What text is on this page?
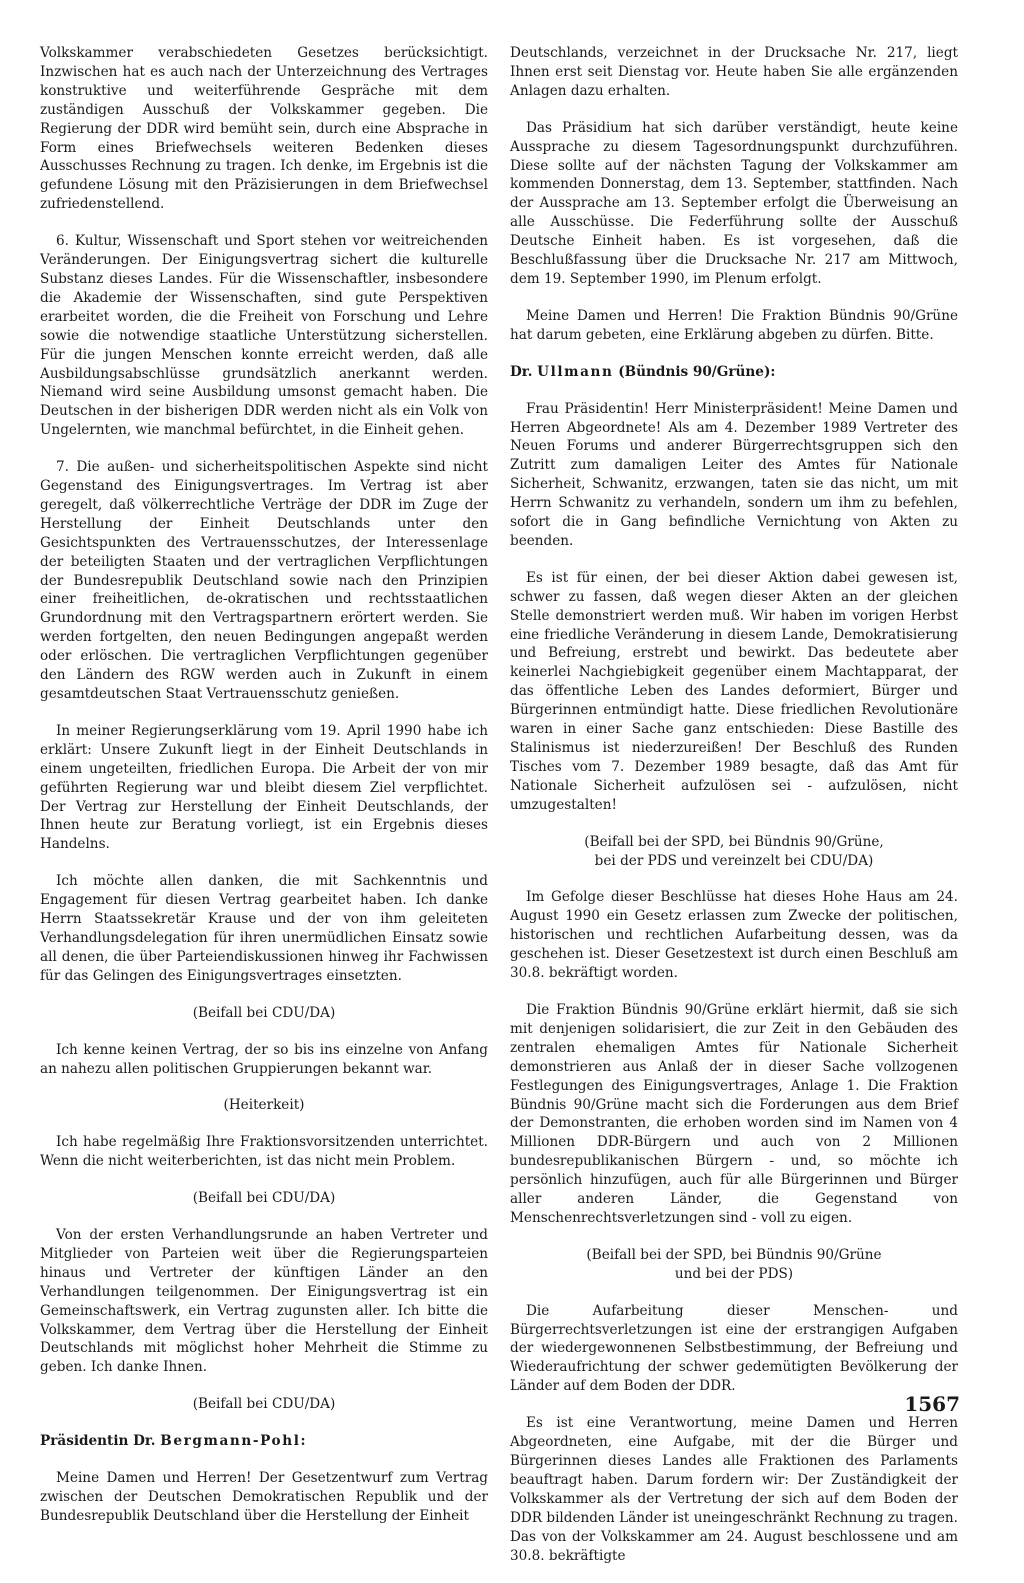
Volkskammer verabschiedeten Gesetzes berücksichtigt. Inzwischen hat es auch nach der Unterzeichnung des Vertrages konstruktive und weiterführende Gespräche mit dem zuständigen Ausschuß der Volkskammer gegeben. Die Regierung der DDR wird bemüht sein, durch eine Absprache in Form eines Briefwechsels weiteren Bedenken dieses Ausschusses Rechnung zu tragen. Ich denke, im Ergebnis ist die gefundene Lösung mit den Präzisierungen in dem Briefwechsel zufriedenstellend.

6. Kultur, Wissenschaft und Sport stehen vor weitreichenden Veränderungen. Der Einigungsvertrag sichert die kulturelle Substanz dieses Landes. Für die Wissenschaftler, insbesondere die Akademie der Wissenschaften, sind gute Perspektiven erarbeitet worden, die die Freiheit von Forschung und Lehre sowie die notwendige staatliche Unterstützung sicherstellen. Für die jungen Menschen konnte erreicht werden, daß alle Ausbildungsabschlüsse grundsätzlich anerkannt werden. Niemand wird seine Ausbildung umsonst gemacht haben. Die Deutschen in der bisherigen DDR werden nicht als ein Volk von Ungelernten, wie manchmal befürchtet, in die Einheit gehen.

7. Die außen- und sicherheitspolitischen Aspekte sind nicht Gegenstand des Einigungsvertrages. Im Vertrag ist aber geregelt, daß völkerrechtliche Verträge der DDR im Zuge der Herstellung der Einheit Deutschlands unter den Gesichtspunkten des Vertrauensschutzes, der Interessenlage der beteiligten Staaten und der vertraglichen Verpflichtungen der Bundesrepublik Deutschland sowie nach den Prinzipien einer freiheitlichen, de-okratischen und rechtsstaatlichen Grundordnung mit den Vertragspartnern erörtert werden. Sie werden fortgelten, den neuen Bedingungen angepaßt werden oder erlöschen. Die vertraglichen Verpflichtungen gegenüber den Ländern des RGW werden auch in Zukunft in einem gesamtdeutschen Staat Vertrauensschutz genießen.

In meiner Regierungserklärung vom 19. April 1990 habe ich erklärt: Unsere Zukunft liegt in der Einheit Deutschlands in einem ungeteilten, friedlichen Europa. Die Arbeit der von mir geführten Regierung war und bleibt diesem Ziel verpflichtet. Der Vertrag zur Herstellung der Einheit Deutschlands, der Ihnen heute zur Beratung vorliegt, ist ein Ergebnis dieses Handelns.

Ich möchte allen danken, die mit Sachkenntnis und Engagement für diesen Vertrag gearbeitet haben. Ich danke Herrn Staatssekretär Krause und der von ihm geleiteten Verhandlungsdelegation für ihren unermüdlichen Einsatz sowie all denen, die über Parteiendiskussionen hinweg ihr Fachwissen für das Gelingen des Einigungsvertrages einsetzten.

(Beifall bei CDU/DA)

Ich kenne keinen Vertrag, der so bis ins einzelne von Anfang an nahezu allen politischen Gruppierungen bekannt war.

(Heiterkeit)

Ich habe regelmäßig Ihre Fraktionsvorsitzenden unterrichtet. Wenn die nicht weiterberichten, ist das nicht mein Problem.

(Beifall bei CDU/DA)

Von der ersten Verhandlungsrunde an haben Vertreter und Mitglieder von Parteien weit über die Regierungsparteien hinaus und Vertreter der künftigen Länder an den Verhandlungen teilgenommen. Der Einigungsvertrag ist ein Gemeinschaftswerk, ein Vertrag zugunsten aller. Ich bitte die Volkskammer, dem Vertrag über die Herstellung der Einheit Deutschlands mit möglichst hoher Mehrheit die Stimme zu geben. Ich danke Ihnen.

(Beifall bei CDU/DA)

Präsidentin Dr. Bergmann-Pohl:

Meine Damen und Herren! Der Gesetzentwurf zum Vertrag zwischen der Deutschen Demokratischen Republik und der Bundesrepublik Deutschland über die Herstellung der Einheit

Deutschlands, verzeichnet in der Drucksache Nr. 217, liegt Ihnen erst seit Dienstag vor. Heute haben Sie alle ergänzenden Anlagen dazu erhalten.

Das Präsidium hat sich darüber verständigt, heute keine Aussprache zu diesem Tagesordnungspunkt durchzuführen. Diese sollte auf der nächsten Tagung der Volkskammer am kommenden Donnerstag, dem 13. September, stattfinden. Nach der Aussprache am 13. September erfolgt die Überweisung an alle Ausschüsse. Die Federführung sollte der Ausschuß Deutsche Einheit haben. Es ist vorgesehen, daß die Beschlußfassung über die Drucksache Nr. 217 am Mittwoch, dem 19. September 1990, im Plenum erfolgt.

Meine Damen und Herren! Die Fraktion Bündnis 90/Grüne hat darum gebeten, eine Erklärung abgeben zu dürfen. Bitte.

Dr. Ullmann (Bündnis 90/Grüne):

Frau Präsidentin! Herr Ministerpräsident! Meine Damen und Herren Abgeordnete! Als am 4. Dezember 1989 Vertreter des Neuen Forums und anderer Bürgerrechtsgruppen sich den Zutritt zum damaligen Leiter des Amtes für Nationale Sicherheit, Schwanitz, erzwangen, taten sie das nicht, um mit Herrn Schwanitz zu verhandeln, sondern um ihm zu befehlen, sofort die in Gang befindliche Vernichtung von Akten zu beenden.

Es ist für einen, der bei dieser Aktion dabei gewesen ist, schwer zu fassen, daß wegen dieser Akten an der gleichen Stelle demonstriert werden muß. Wir haben im vorigen Herbst eine friedliche Veränderung in diesem Lande, Demokratisierung und Befreiung, erstrebt und bewirkt. Das bedeutete aber keinerlei Nachgiebigkeit gegenüber einem Machtapparat, der das öffentliche Leben des Landes deformiert, Bürger und Bürgerinnen entmündigt hatte. Diese friedlichen Revolutionäre waren in einer Sache ganz entschieden: Diese Bastille des Stalinismus ist niederzureißen! Der Beschluß des Runden Tisches vom 7. Dezember 1989 besagte, daß das Amt für Nationale Sicherheit aufzulösen sei - aufzulösen, nicht umzugestalten!

(Beifall bei der SPD, bei Bündnis 90/Grüne,
bei der PDS und vereinzelt bei CDU/DA)

Im Gefolge dieser Beschlüsse hat dieses Hohe Haus am 24. August 1990 ein Gesetz erlassen zum Zwecke der politischen, historischen und rechtlichen Aufarbeitung dessen, was da geschehen ist. Dieser Gesetzestext ist durch einen Beschluß am 30.8. bekräftigt worden.

Die Fraktion Bündnis 90/Grüne erklärt hiermit, daß sie sich mit denjenigen solidarisiert, die zur Zeit in den Gebäuden des zentralen ehemaligen Amtes für Nationale Sicherheit demonstrieren aus Anlaß der in dieser Sache vollzogenen Festlegungen des Einigungsvertrages, Anlage 1. Die Fraktion Bündnis 90/Grüne macht sich die Forderungen aus dem Brief der Demonstranten, die erhoben worden sind im Namen von 4 Millionen DDR-Bürgern und auch von 2 Millionen bundesrepublikanischen Bürgern - und, so möchte ich persönlich hinzufügen, auch für alle Bürgerinnen und Bürger aller anderen Länder, die Gegenstand von Menschenrechtsverletzungen sind - voll zu eigen.

(Beifall bei der SPD, bei Bündnis 90/Grüne
und bei der PDS)

Die Aufarbeitung dieser Menschen- und Bürgerrechtsverletzungen ist eine der erstrangigen Aufgaben der wiedergewonnenen Selbstbestimmung, der Befreiung und Wiederaufrichtung der schwer gedemütigten Bevölkerung der Länder auf dem Boden der DDR.

Es ist eine Verantwortung, meine Damen und Herren Abgeordneten, eine Aufgabe, mit der die Bürger und Bürgerinnen dieses Landes alle Fraktionen des Parlaments beauftragt haben. Darum fordern wir: Der Zuständigkeit der Volkskammer als der Vertretung der sich auf dem Boden der DDR bildenden Länder ist uneingeschränkt Rechnung zu tragen. Das von der Volkskammer am 24. August beschlossene und am 30.8. bekräftigte

1567
